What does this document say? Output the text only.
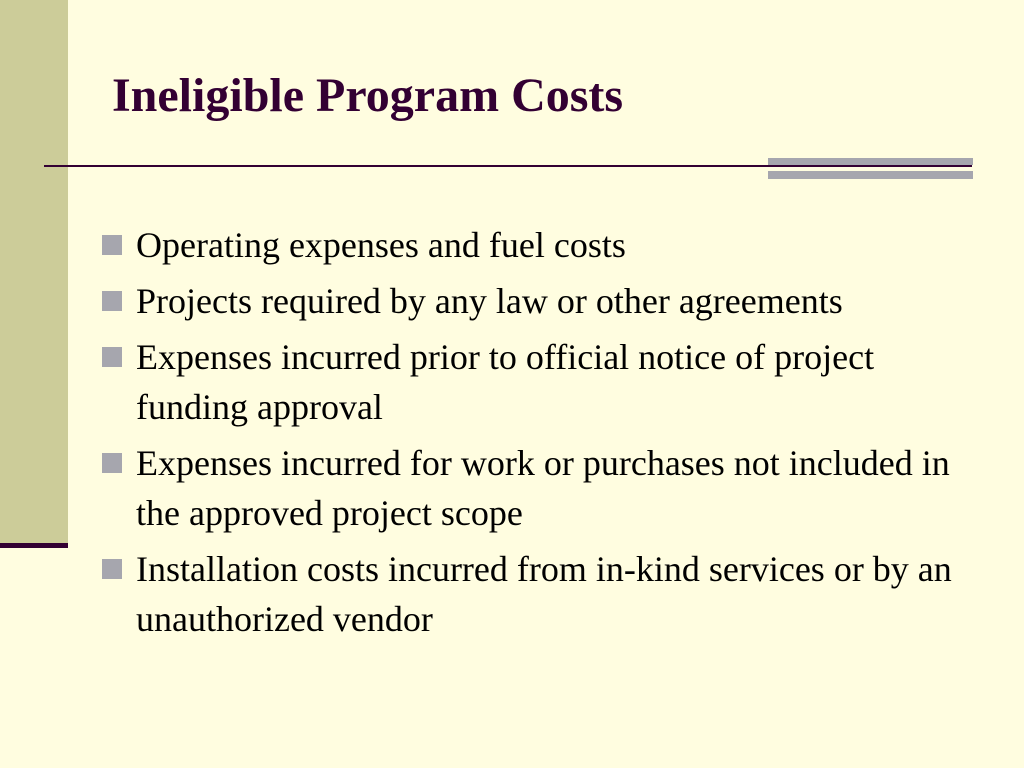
Ineligible Program Costs
Operating expenses and fuel costs
Projects required by any law or other agreements
Expenses incurred prior to official notice of project funding approval
Expenses incurred for work or purchases not included in the approved project scope
Installation costs incurred from in-kind services or by an unauthorized vendor
